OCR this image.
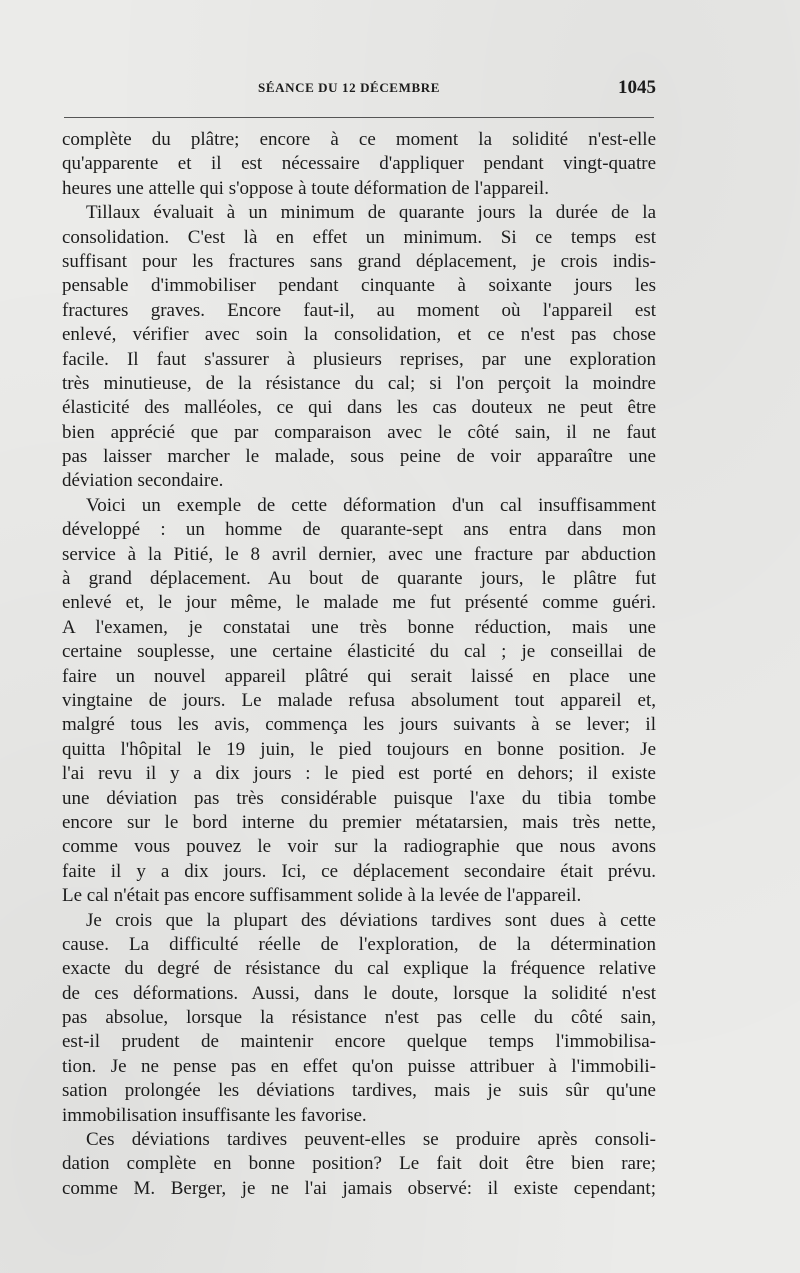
SÉANCE DU 12 DÉCEMBRE	1045
complète du plâtre; encore à ce moment la solidité n'est-elle
qu'apparente et il est nécessaire d'appliquer pendant vingt-quatre
heures une attelle qui s'oppose à toute déformation de l'appareil.
Tillaux évaluait à un minimum de quarante jours la durée de la
consolidation. C'est là en effet un minimum. Si ce temps est
suffisant pour les fractures sans grand déplacement, je crois indis-
pensable d'immobiliser pendant cinquante à soixante jours les
fractures graves. Encore faut-il, au moment où l'appareil est
enlevé, vérifier avec soin la consolidation, et ce n'est pas chose
facile. Il faut s'assurer à plusieurs reprises, par une exploration
très minutieuse, de la résistance du cal; si l'on perçoit la moindre
élasticité des malléoles, ce qui dans les cas douteux ne peut être
bien apprécié que par comparaison avec le côté sain, il ne faut
pas laisser marcher le malade, sous peine de voir apparaître une
déviation secondaire.
Voici un exemple de cette déformation d'un cal insuffisamment
développé : un homme de quarante-sept ans entra dans mon
service à la Pitié, le 8 avril dernier, avec une fracture par abduction
à grand déplacement. Au bout de quarante jours, le plâtre fut
enlevé et, le jour même, le malade me fut présenté comme guéri.
A l'examen, je constatai une très bonne réduction, mais une
certaine souplesse, une certaine élasticité du cal ; je conseillai de
faire un nouvel appareil plâtré qui serait laissé en place une
vingtaine de jours. Le malade refusa absolument tout appareil et,
malgré tous les avis, commença les jours suivants à se lever; il
quitta l'hôpital le 19 juin, le pied toujours en bonne position. Je
l'ai revu il y a dix jours : le pied est porté en dehors; il existe
une déviation pas très considérable puisque l'axe du tibia tombe
encore sur le bord interne du premier métatarsien, mais très nette,
comme vous pouvez le voir sur la radiographie que nous avons
faite il y a dix jours. Ici, ce déplacement secondaire était prévu.
Le cal n'était pas encore suffisamment solide à la levée de l'appareil.
Je crois que la plupart des déviations tardives sont dues à cette
cause. La difficulté réelle de l'exploration, de la détermination
exacte du degré de résistance du cal explique la fréquence relative
de ces déformations. Aussi, dans le doute, lorsque la solidité n'est
pas absolue, lorsque la résistance n'est pas celle du côté sain,
est-il prudent de maintenir encore quelque temps l'immobilisa-
tion. Je ne pense pas en effet qu'on puisse attribuer à l'immobili-
sation prolongée les déviations tardives, mais je suis sûr qu'une
immobilisation insuffisante les favorise.
Ces déviations tardives peuvent-elles se produire après consoli-
dation complète en bonne position? Le fait doit être bien rare;
comme M. Berger, je ne l'ai jamais observé: il existe cependant;
